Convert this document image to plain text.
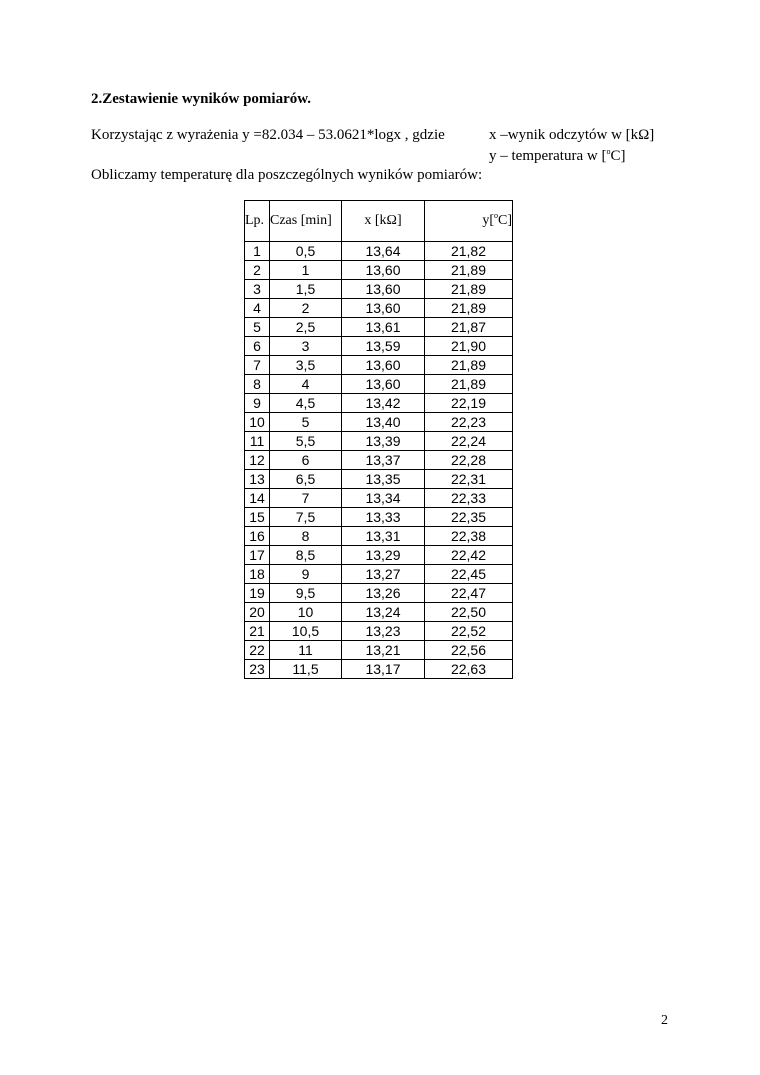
2.Zestawienie wyników pomiarów.
Korzystając z wyrażenia y =82.034 – 53.0621*logx , gdzie	x –wynik odczytów w [kΩ]
y – temperatura w [$^o$C]
Obliczamy temperaturę dla poszczególnych wyników pomiarów:
Lp.	Czas [min]	x [kΩ]	y[$^o$C]
1	0,5	13,64	21,82
2	1	13,60	21,89
3	1,5	13,60	21,89
4	2	13,60	21,89
5	2,5	13,61	21,87
6	3	13,59	21,90
7	3,5	13,60	21,89
8	4	13,60	21,89
9	4,5	13,42	22,19
10	5	13,40	22,23
11	5,5	13,39	22,24
12	6	13,37	22,28
13	6,5	13,35	22,31
14	7	13,34	22,33
15	7,5	13,33	22,35
16	8	13,31	22,38
17	8,5	13,29	22,42
18	9	13,27	22,45
19	9,5	13,26	22,47
20	10	13,24	22,50
21	10,5	13,23	22,52
22	11	13,21	22,56
23	11,5	13,17	22,63
2
